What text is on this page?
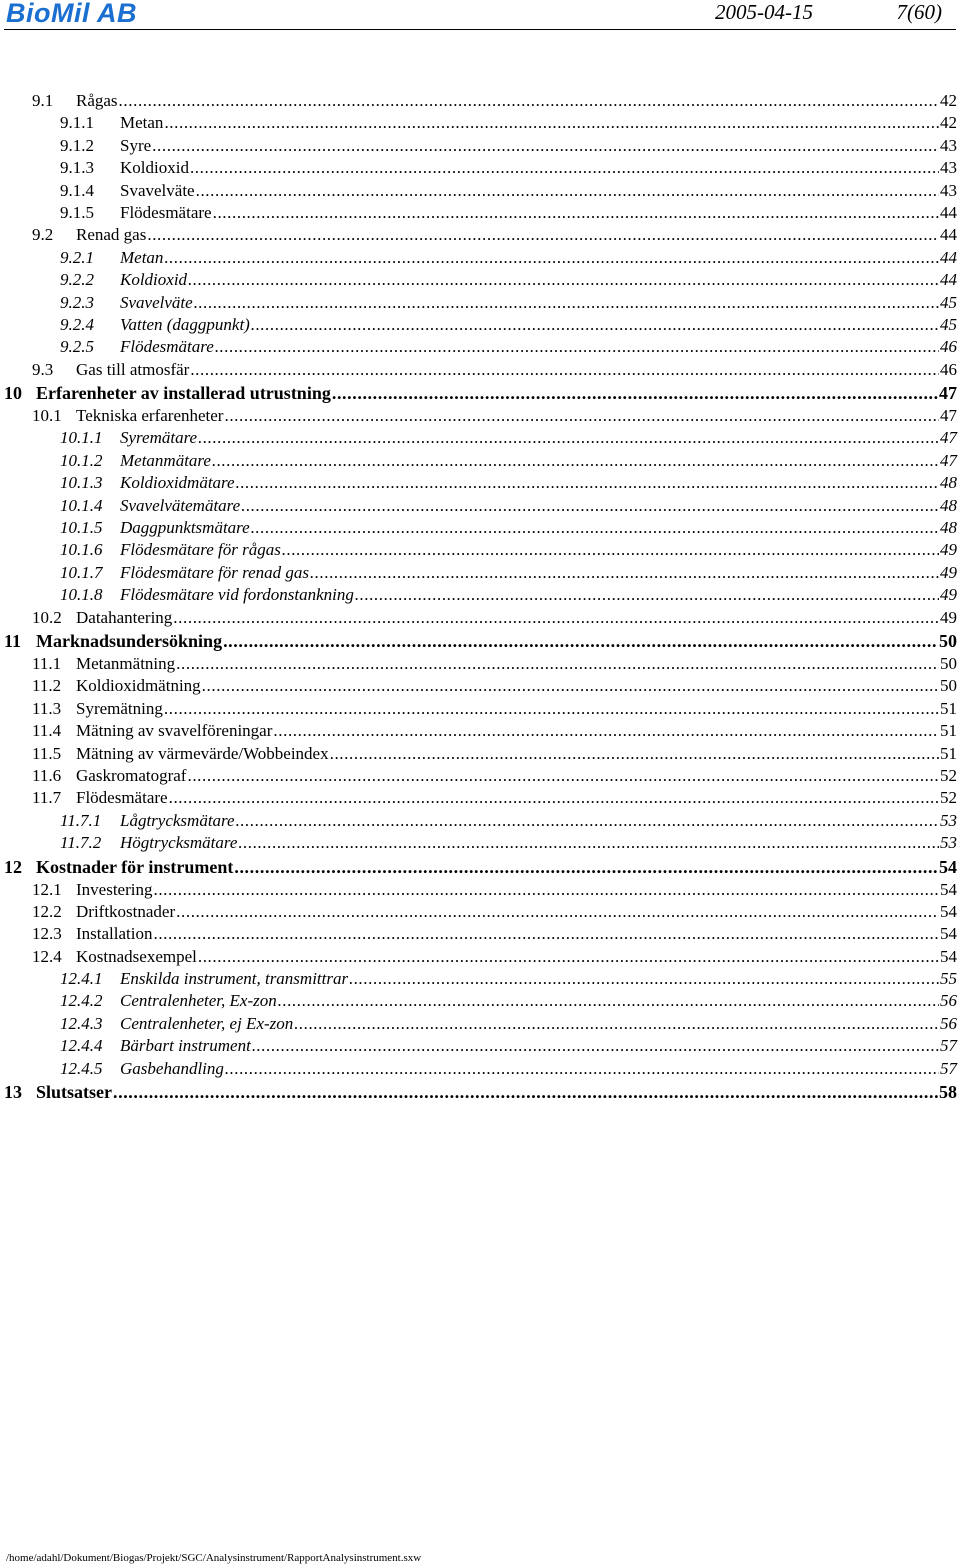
BioMil AB	2005-04-15	7(60)
9.1	Rågas .....	42
9.1.1	Metan .....	42
9.1.2	Syre .....	43
9.1.3	Koldioxid .....	43
9.1.4	Svavelväte .....	43
9.1.5	Flödesmätare .....	44
9.2	Renad gas .....	44
9.2.1	Metan .....	44
9.2.2	Koldioxid .....	44
9.2.3	Svavelväte .....	45
9.2.4	Vatten (daggpunkt) .....	45
9.2.5	Flödesmätare .....	46
9.3	Gas till atmosfär .....	46
10 Erfarenheter av installerad utrustning .....	47
10.1 Tekniska erfarenheter .....	47
10.1.1	Syremätare .....	47
10.1.2	Metanmätare .....	47
10.1.3	Koldioxidmätare .....	48
10.1.4	Svavelvätemätare .....	48
10.1.5	Daggpunktsmätare .....	48
10.1.6	Flödesmätare för rågas .....	49
10.1.7	Flödesmätare för renad gas .....	49
10.1.8	Flödesmätare vid fordonstankning .....	49
10.2 Datahantering .....	49
11 Marknadsundersökning .....	50
11.1 Metanmätning .....	50
11.2 Koldioxidmätning .....	50
11.3 Syremätning .....	51
11.4 Mätning av svavelföreningar .....	51
11.5 Mätning av värmevärde/Wobbeindex .....	51
11.6 Gaskromatograf .....	52
11.7 Flödesmätare .....	52
11.7.1	Lågtrycksmätare .....	53
11.7.2	Högtrycksmätare .....	53
12 Kostnader för instrument .....	54
12.1 Investering .....	54
12.2 Driftkostnader .....	54
12.3 Installation .....	54
12.4 Kostnadsexempel .....	54
12.4.1	Enskilda instrument, transmittrar .....	55
12.4.2	Centralenheter, Ex-zon .....	56
12.4.3	Centralenheter, ej Ex-zon .....	56
12.4.4	Bärbart instrument .....	57
12.4.5	Gasbehandling .....	57
13 Slutsatser .....	58
/home/adahl/Dokument/Biogas/Projekt/SGC/Analysinstrument/RapportAnalysinstrument.sxw
